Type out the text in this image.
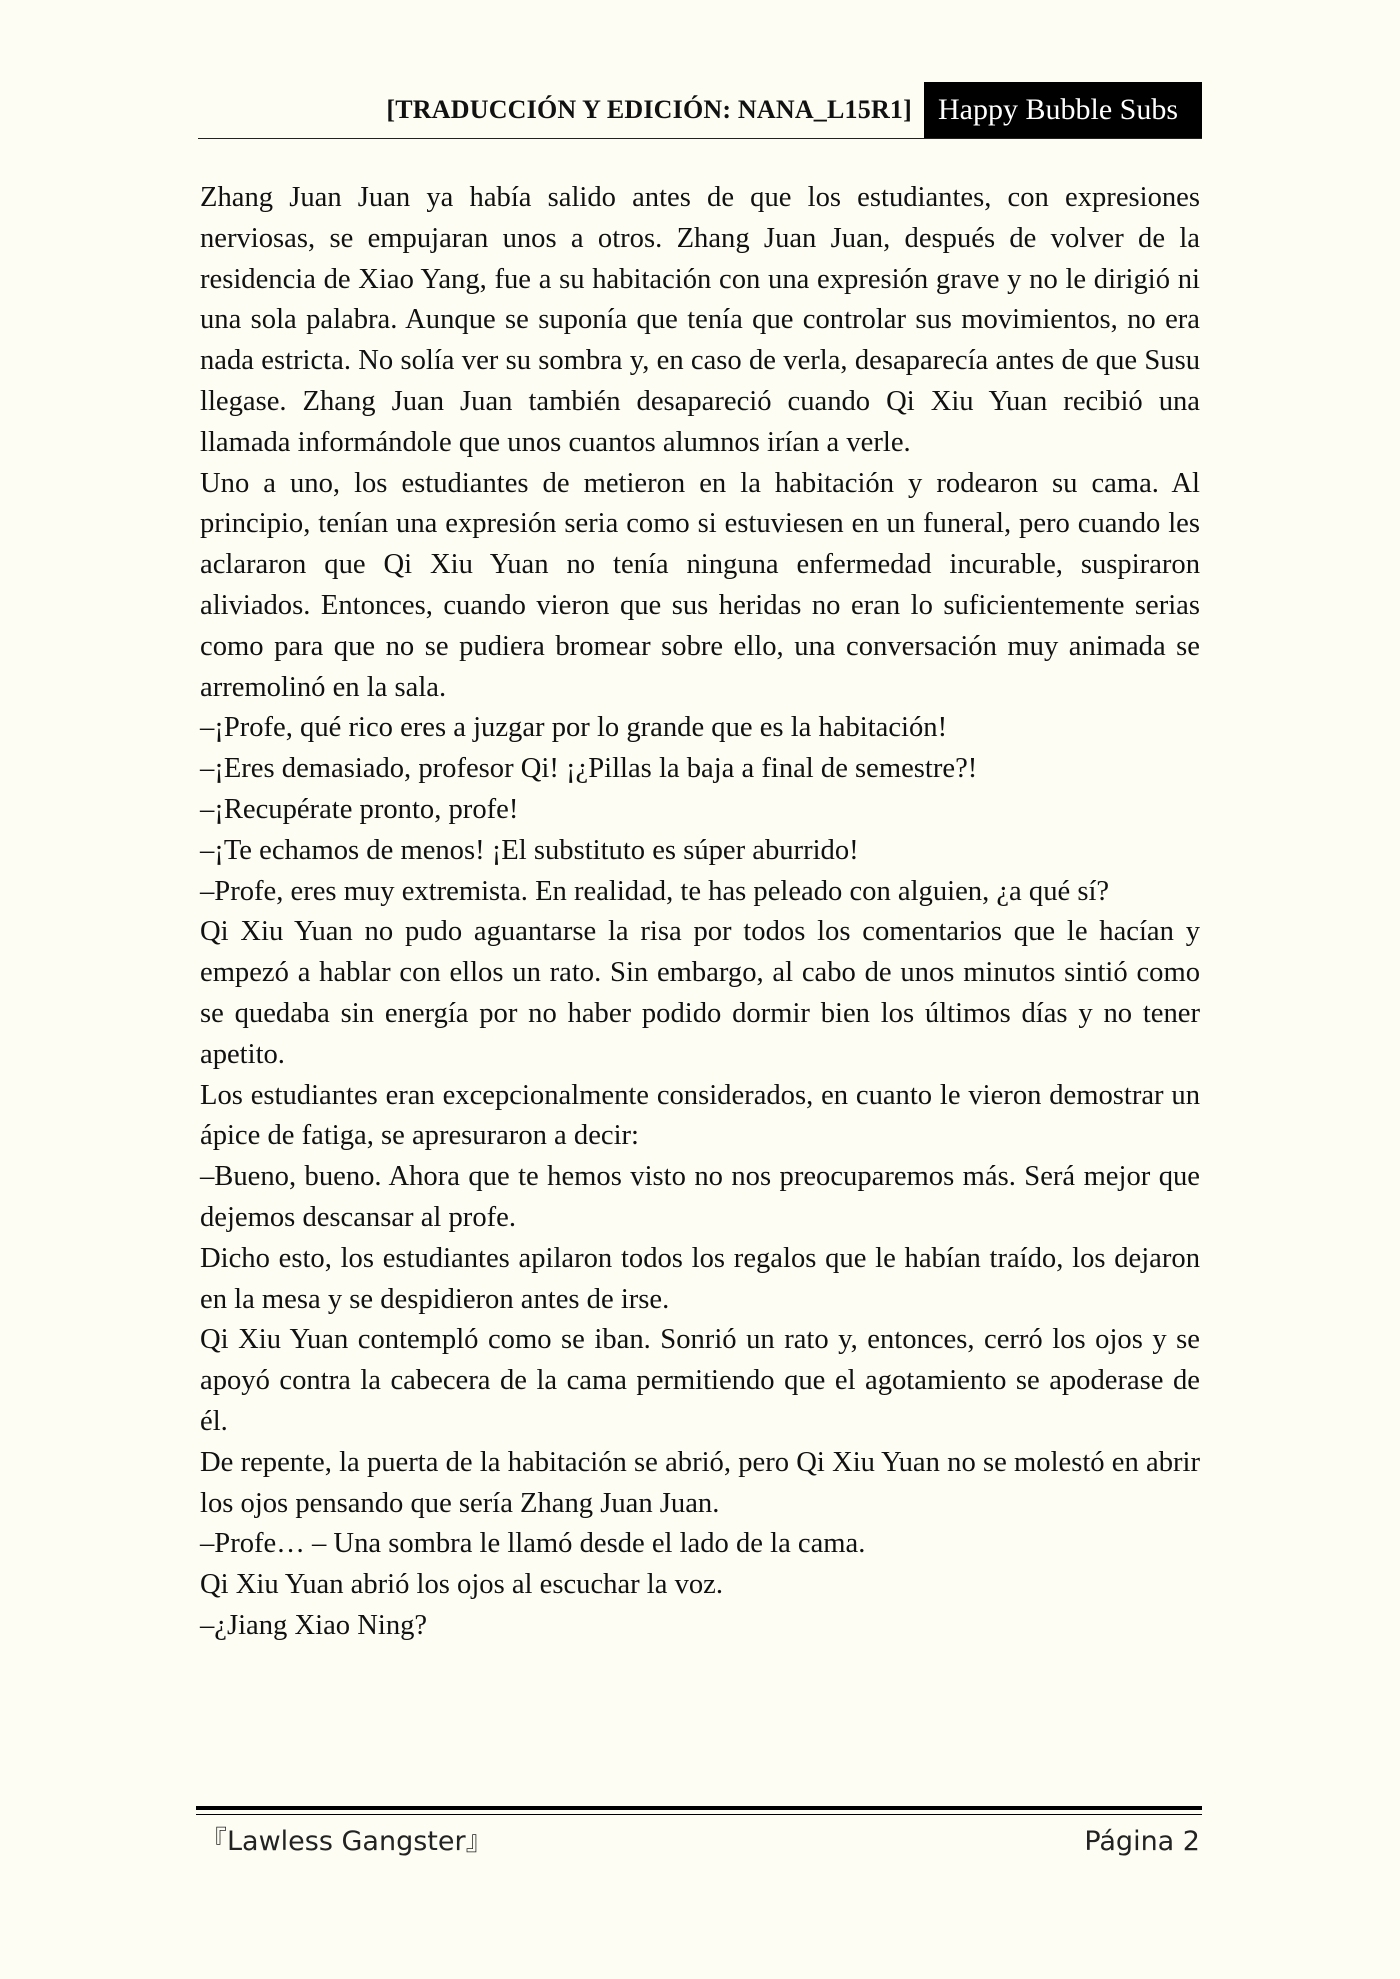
[TRADUCCIÓN Y EDICIÓN: NANA_L15R1] Happy Bubble Subs

Zhang Juan Juan ya había salido antes de que los estudiantes, con expresiones nerviosas, se empujaran unos a otros. Zhang Juan Juan, después de volver de la residencia de Xiao Yang, fue a su habitación con una expresión grave y no le dirigió ni una sola palabra. Aunque se suponía que tenía que controlar sus movimientos, no era nada estricta. No solía ver su sombra y, en caso de verla, desaparecía antes de que Susu llegase. Zhang Juan Juan también desapareció cuando Qi Xiu Yuan recibió una llamada informándole que unos cuantos alumnos irían a verle.

Uno a uno, los estudiantes de metieron en la habitación y rodearon su cama. Al principio, tenían una expresión seria como si estuviesen en un funeral, pero cuando les aclararon que Qi Xiu Yuan no tenía ninguna enfermedad incurable, suspiraron aliviados. Entonces, cuando vieron que sus heridas no eran lo suficientemente serias como para que no se pudiera bromear sobre ello, una conversación muy animada se arremolinó en la sala.

–¡Profe, qué rico eres a juzgar por lo grande que es la habitación!

–¡Eres demasiado, profesor Qi! ¡¿Pillas la baja a final de semestre?!

–¡Recupérate pronto, profe!

–¡Te echamos de menos! ¡El substituto es súper aburrido!

–Profe, eres muy extremista. En realidad, te has peleado con alguien, ¿a qué sí?

Qi Xiu Yuan no pudo aguantarse la risa por todos los comentarios que le hacían y empezó a hablar con ellos un rato. Sin embargo, al cabo de unos minutos sintió como se quedaba sin energía por no haber podido dormir bien los últimos días y no tener apetito.

Los estudiantes eran excepcionalmente considerados, en cuanto le vieron demostrar un ápice de fatiga, se apresuraron a decir:

–Bueno, bueno. Ahora que te hemos visto no nos preocuparemos más. Será mejor que dejemos descansar al profe.

Dicho esto, los estudiantes apilaron todos los regalos que le habían traído, los dejaron en la mesa y se despidieron antes de irse.

Qi Xiu Yuan contempló como se iban. Sonrió un rato y, entonces, cerró los ojos y se apoyó contra la cabecera de la cama permitiendo que el agotamiento se apoderase de él.

De repente, la puerta de la habitación se abrió, pero Qi Xiu Yuan no se molestó en abrir los ojos pensando que sería Zhang Juan Juan.

–Profe… – Una sombra le llamó desde el lado de la cama.

Qi Xiu Yuan abrió los ojos al escuchar la voz.

–¿Jiang Xiao Ning?

『Lawless Gangster』	Página 2
